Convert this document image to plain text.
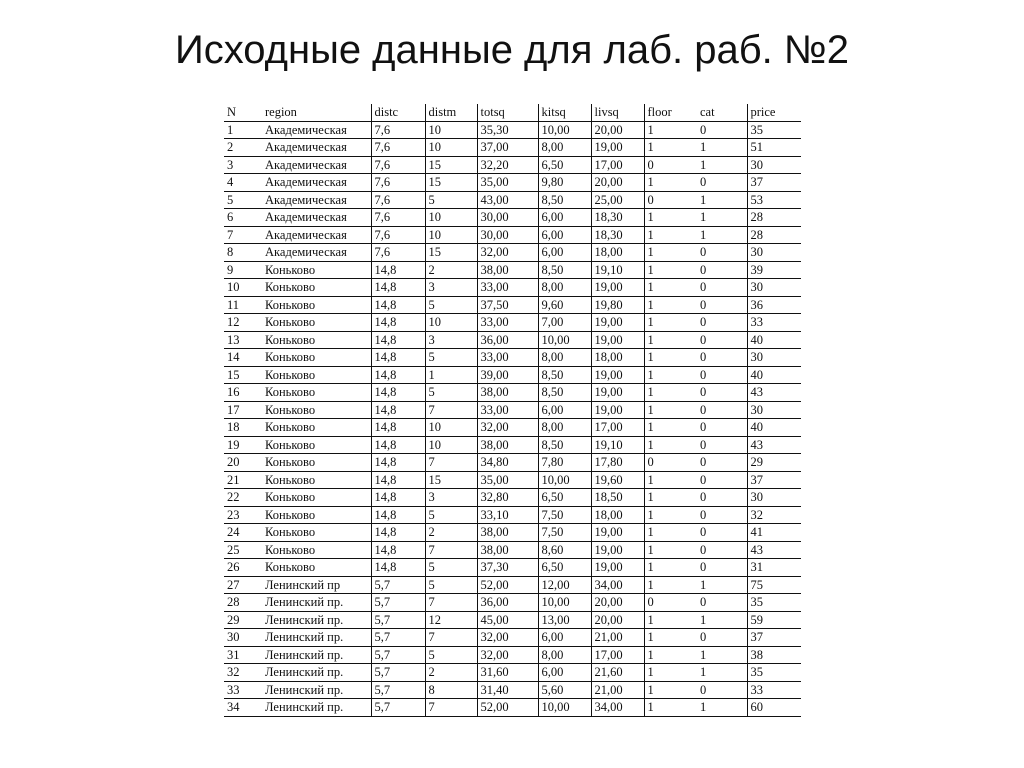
Исходные данные для лаб. раб. №2
N	region	distc	distm	totsq	kitsq	livsq	floor	cat	price
1	Академическая	7,6	10	35,30	10,00	20,00	1	0	35
2	Академическая	7,6	10	37,00	8,00	19,00	1	1	51
3	Академическая	7,6	15	32,20	6,50	17,00	0	1	30
4	Академическая	7,6	15	35,00	9,80	20,00	1	0	37
5	Академическая	7,6	5	43,00	8,50	25,00	0	1	53
6	Академическая	7,6	10	30,00	6,00	18,30	1	1	28
7	Академическая	7,6	10	30,00	6,00	18,30	1	1	28
8	Академическая	7,6	15	32,00	6,00	18,00	1	0	30
9	Коньково	14,8	2	38,00	8,50	19,10	1	0	39
10	Коньково	14,8	3	33,00	8,00	19,00	1	0	30
11	Коньково	14,8	5	37,50	9,60	19,80	1	0	36
12	Коньково	14,8	10	33,00	7,00	19,00	1	0	33
13	Коньково	14,8	3	36,00	10,00	19,00	1	0	40
14	Коньково	14,8	5	33,00	8,00	18,00	1	0	30
15	Коньково	14,8	1	39,00	8,50	19,00	1	0	40
16	Коньково	14,8	5	38,00	8,50	19,00	1	0	43
17	Коньково	14,8	7	33,00	6,00	19,00	1	0	30
18	Коньково	14,8	10	32,00	8,00	17,00	1	0	40
19	Коньково	14,8	10	38,00	8,50	19,10	1	0	43
20	Коньково	14,8	7	34,80	7,80	17,80	0	0	29
21	Коньково	14,8	15	35,00	10,00	19,60	1	0	37
22	Коньково	14,8	3	32,80	6,50	18,50	1	0	30
23	Коньково	14,8	5	33,10	7,50	18,00	1	0	32
24	Коньково	14,8	2	38,00	7,50	19,00	1	0	41
25	Коньково	14,8	7	38,00	8,60	19,00	1	0	43
26	Коньково	14,8	5	37,30	6,50	19,00	1	0	31
27	Ленинский пр	5,7	5	52,00	12,00	34,00	1	1	75
28	Ленинский пр.	5,7	7	36,00	10,00	20,00	0	0	35
29	Ленинский пр.	5,7	12	45,00	13,00	20,00	1	1	59
30	Ленинский пр.	5,7	7	32,00	6,00	21,00	1	0	37
31	Ленинский пр.	5,7	5	32,00	8,00	17,00	1	1	38
32	Ленинский пр.	5,7	2	31,60	6,00	21,60	1	1	35
33	Ленинский пр.	5,7	8	31,40	5,60	21,00	1	0	33
34	Ленинский пр.	5,7	7	52,00	10,00	34,00	1	1	60
